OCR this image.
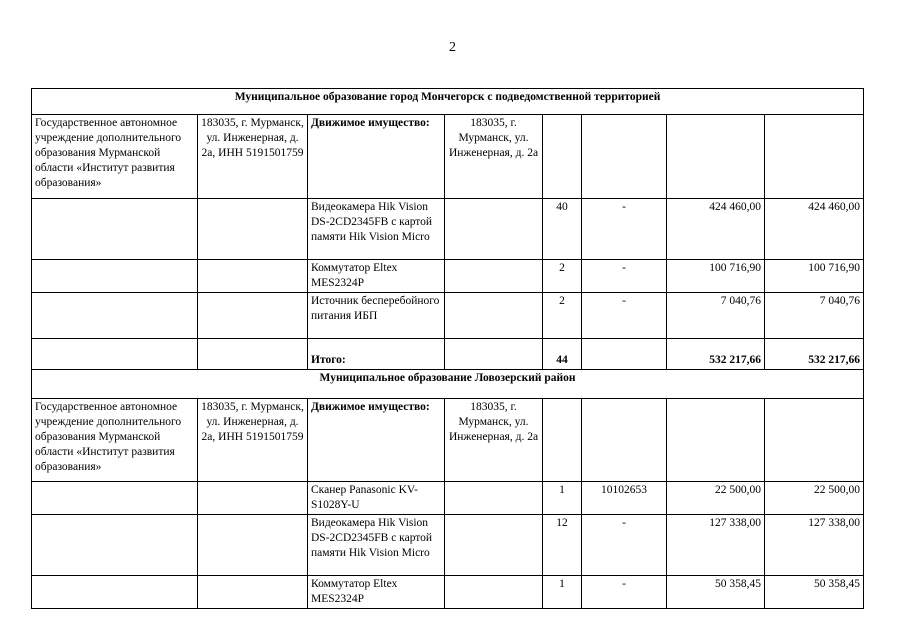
2
Муниципальное образование город Мончегорск с подведомственной территорией							
Государственное автономное учреждение дополнительного образования Мурманской области «Институт развития образования»	183035, г. Мурманск, ул. Инженерная, д. 2а, ИНН 5191501759	Движимое имущество:	183035, г. Мурманск, ул. Инженерная, д. 2а				
		Видеокамера Hik Vision DS-2CD2345FB с картой памяти Hik Vision Micro		40	-	424 460,00	424 460,00
		Коммутатор Eltex MES2324P		2	-	100 716,90	100 716,90
		Источник бесперебойного питания ИБП		2	-	7 040,76	7 040,76
		Итого:		44		532 217,66	532 217,66
Муниципальное образование Ловозерский район							
Государственное автономное учреждение дополнительного образования Мурманской области «Институт развития образования»	183035, г. Мурманск, ул. Инженерная, д. 2а, ИНН 5191501759	Движимое имущество:	183035, г. Мурманск, ул. Инженерная, д. 2а				
		Сканер Panasonic KV-S1028Y-U		1	10102653	22 500,00	22 500,00
		Видеокамера Hik Vision DS-2CD2345FB с картой памяти Hik Vision Micro		12	-	127 338,00	127 338,00
		Коммутатор Eltex MES2324P		1	-	50 358,45	50 358,45
